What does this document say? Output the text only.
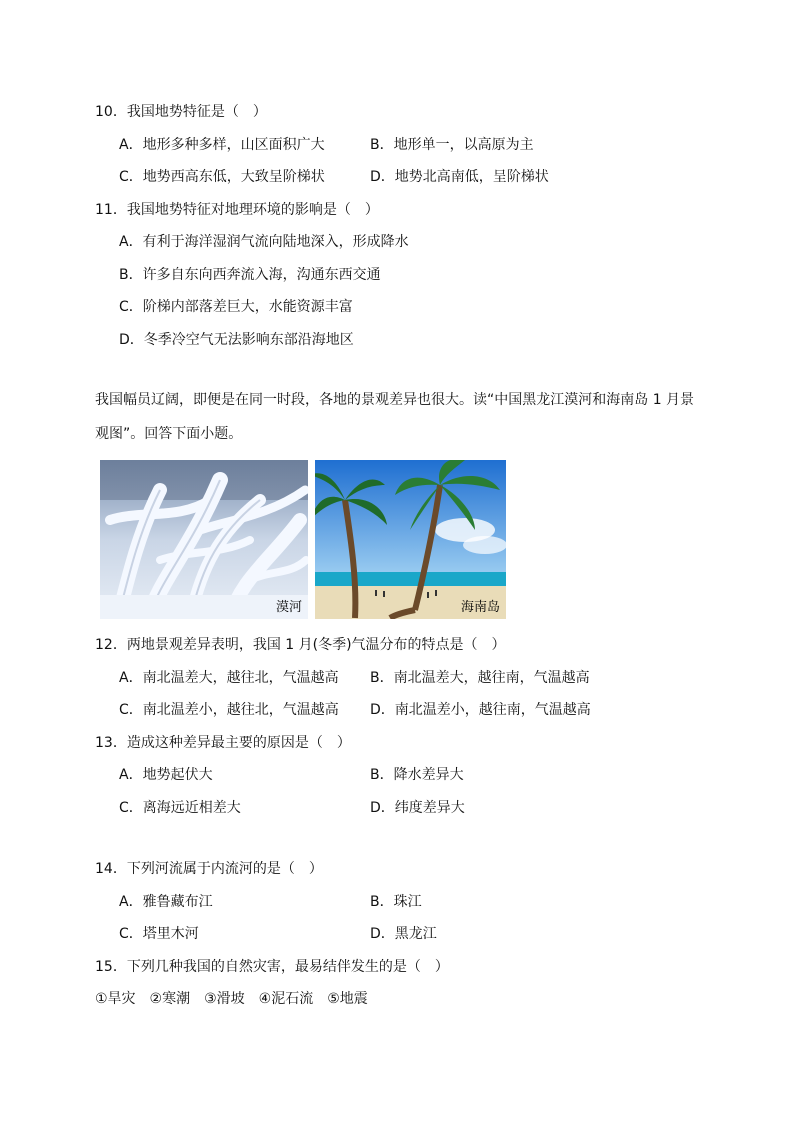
10．我国地势特征是（　）
A．地形多种多样，山区面积广大	B．地形单一，以高原为主
C．地势西高东低，大致呈阶梯状	D．地势北高南低，呈阶梯状
11．我国地势特征对地理环境的影响是（　）
A．有利于海洋湿润气流向陆地深入，形成降水
B．许多自东向西奔流入海，沟通东西交通
C．阶梯内部落差巨大，水能资源丰富
D．冬季冷空气无法影响东部沿海地区
我国幅员辽阔，即便是在同一时段，各地的景观差异也很大。读“中国黑龙江漠河和海南岛 1 月景
观图”。回答下面小题。
漠河	海南岛
12．两地景观差异表明，我国 1 月(冬季)气温分布的特点是（　）
A．南北温差大，越往北，气温越高 B．南北温差大，越往南，气温越高
C．南北温差小，越往北，气温越高 D．南北温差小，越往南，气温越高
13．造成这种差异最主要的原因是（　）
A．地势起伏大	B．降水差异大
C．离海远近相差大	D．纬度差异大
14．下列河流属于内流河的是（　）
A．雅鲁藏布江	B．珠江
C．塔里木河	D．黑龙江
15．下列几种我国的自然灾害，最易结伴发生的是（　）
①旱灾　②寒潮　③滑坡　④泥石流　⑤地震
